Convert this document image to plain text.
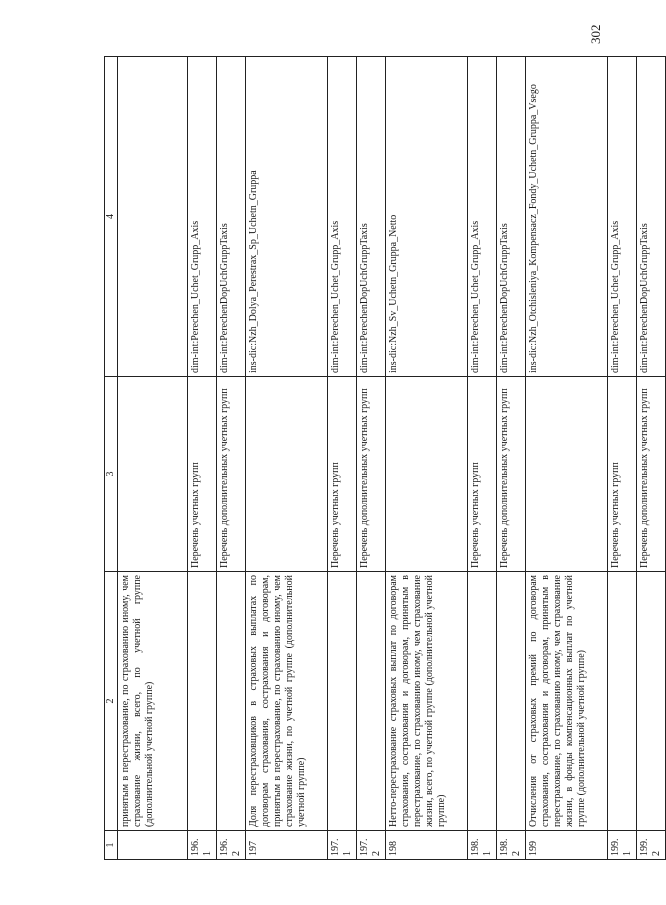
302
1	2	3	4
	принятым в перестрахование, по страхованию иному, чем страхование жизни, всего, по учетной группе (дополнительной учетной группе)		
196.1		Перечень учетных групп	dim-int:Perechen_Uchet_Grupp_Axis
196.2		Перечень дополнительных учетных групп	dim-int:PerechenDopUchGruppTaxis
197	Доля перестраховщиков в страховых выплатах по договорам страхования, сострахования и договорам, принятым в перестрахование, по страхованию иному, чем страхование жизни, по учетной группе (дополнительной учетной группе)		ins-dic:Nzh_Dolya_Perestrax_Sp_Uchetn_Gruppa
197.1		Перечень учетных групп	dim-int:Perechen_Uchet_Grupp_Axis
197.2		Перечень дополнительных учетных групп	dim-int:PerechenDopUchGruppTaxis
198	Нетто-перестрахование страховых выплат по договорам страхования, сострахования и договорам, принятым в перестрахование, по страхованию иному, чем страхование жизни, всего, по учетной группе (дополнительной учетной группе)		ins-dic:Nzh_Sv_Uchetn_Gruppa_Netto
198.1		Перечень учетных групп	dim-int:Perechen_Uchet_Grupp_Axis
198.2		Перечень дополнительных учетных групп	dim-int:PerechenDopUchGruppTaxis
199	Отчисления от страховых премий по договорам страхования, сострахования и договорам, принятым в перестрахование, по страхованию иному, чем страхование жизни, в фонды компенсационных выплат по учетной группе (дополнительной учетной группе)		ins-dic:Nzh_Otchisleniya_Kompensacz_Fondy_Uchetn_Gruppa_Vsego
199.1		Перечень учетных групп	dim-int:Perechen_Uchet_Grupp_Axis
199.2		Перечень дополнительных учетных групп	dim-int:PerechenDopUchGruppTaxis
